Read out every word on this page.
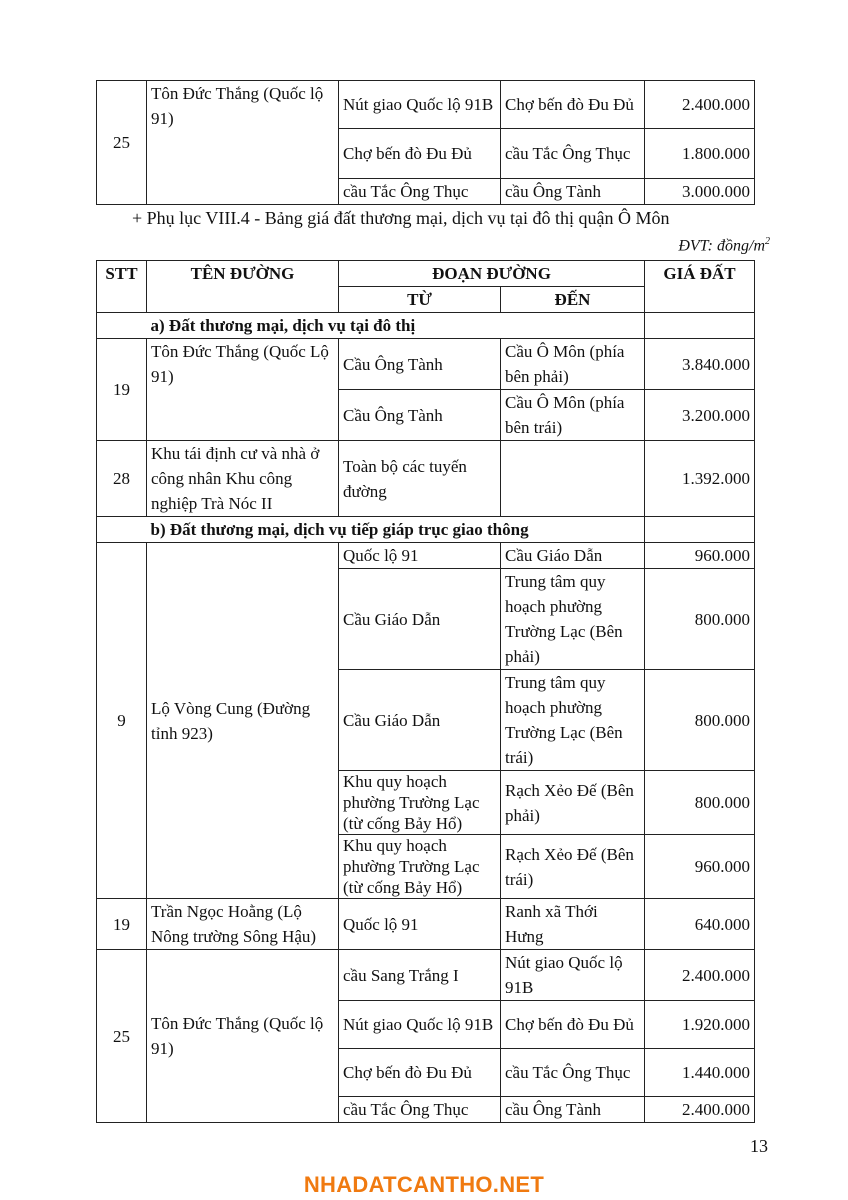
25	Tôn Đức Thắng (Quốc lộ 91)	Nút giao Quốc lộ 91B	Chợ bến đò Đu Đủ	2.400.000
		Chợ bến đò Đu Đủ	cầu Tắc Ông Thục	1.800.000
		cầu Tắc Ông Thục	cầu Ông Tành	3.000.000
+ Phụ lục VIII.4 - Bảng giá đất thương mại, dịch vụ tại đô thị quận Ô Môn
ĐVT: đồng/$m^2$
STT	TÊN ĐƯỜNG	ĐOẠN ĐƯỜNG		GIÁ ĐẤT
		TỪ	ĐẾN	
	a) Đất thương mại, dịch vụ tại đô thị			
19	Tôn Đức Thắng (Quốc Lộ 91)	Cầu Ông Tành	Cầu Ô Môn (phía bên phải)	3.840.000
		Cầu Ông Tành	Cầu Ô Môn (phía bên trái)	3.200.000
28	Khu tái định cư và nhà ở công nhân Khu công nghiệp Trà Nóc II	Toàn bộ các tuyến đường		1.392.000
	b) Đất thương mại, dịch vụ tiếp giáp trục giao thông			
9	Lộ Vòng Cung (Đường tỉnh 923)	Quốc lộ 91	Cầu Giáo Dẫn	960.000
		Cầu Giáo Dẫn	Trung tâm quy hoạch phường Trường Lạc (Bên phải)	800.000
		Cầu Giáo Dẫn	Trung tâm quy hoạch phường Trường Lạc (Bên trái)	800.000
		Khu quy hoạch phường Trường Lạc (từ cống Bảy Hổ)	Rạch Xẻo Đế (Bên phải)	800.000
		Khu quy hoạch phường Trường Lạc (từ cống Bảy Hổ)	Rạch Xẻo Đế (Bên trái)	960.000
19	Trần Ngọc Hoằng (Lộ Nông trường Sông Hậu)	Quốc lộ 91	Ranh xã Thới Hưng	640.000
25	Tôn Đức Thắng (Quốc lộ 91)	cầu Sang Trắng I	Nút giao Quốc lộ 91B	2.400.000
		Nút giao Quốc lộ 91B	Chợ bến đò Đu Đủ	1.920.000
		Chợ bến đò Đu Đủ	cầu Tắc Ông Thục	1.440.000
		cầu Tắc Ông Thục	cầu Ông Tành	2.400.000
13
NHADATCANTHO.NET
